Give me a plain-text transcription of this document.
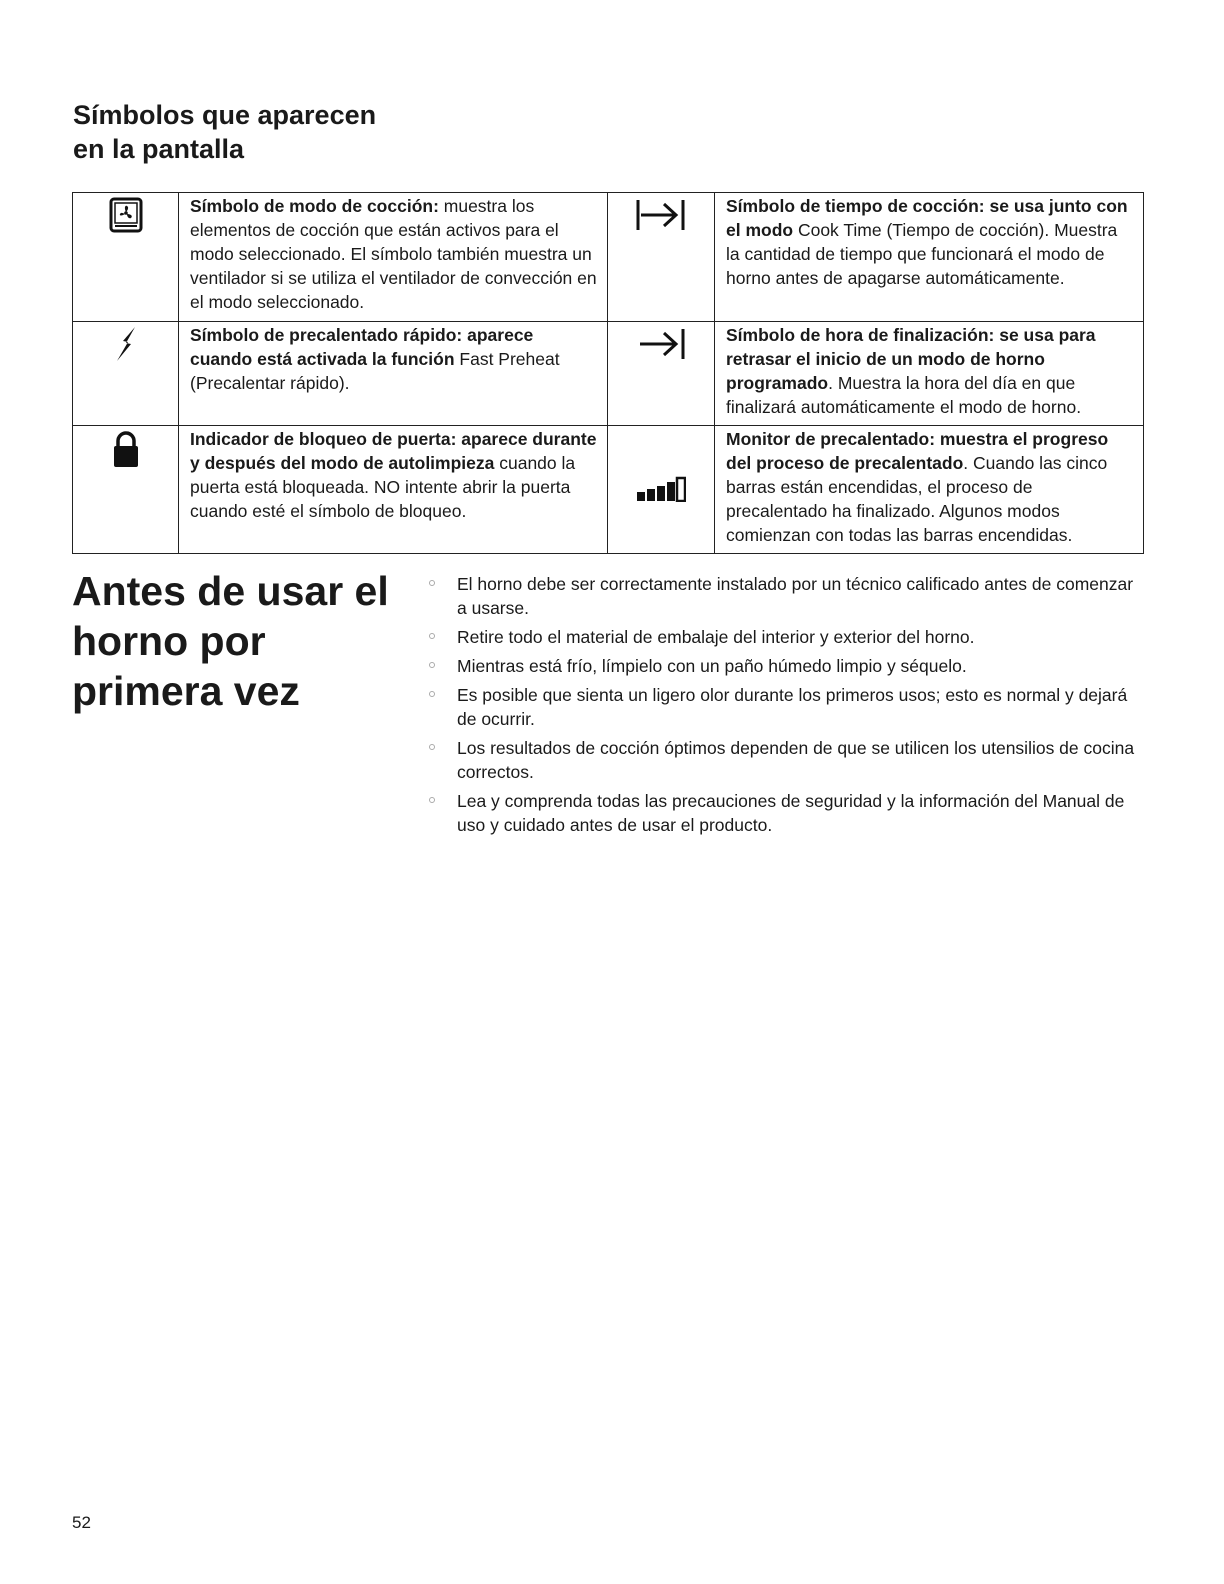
Símbolos que aparecen
en la pantalla
	Símbolo de modo de cocción: muestra los elementos de cocción que están activos para el modo seleccionado. El símbolo también muestra un ventilador si se utiliza el ventilador de convección en el modo seleccionado.		Símbolo de tiempo de cocción: se usa junto con el modo Cook Time (Tiempo de cocción). Muestra la cantidad de tiempo que funcionará el modo de horno antes de apagarse automáticamente.
	Símbolo de precalentado rápido: aparece cuando está activada la función Fast Preheat (Precalentar rápido).		Símbolo de hora de finalización: se usa para retrasar el inicio de un modo de horno programado. Muestra la hora del día en que finalizará automáticamente el modo de horno.
	Indicador de bloqueo de puerta: aparece durante y después del modo de autolimpieza cuando la puerta está bloqueada. NO intente abrir la puerta cuando esté el símbolo de bloqueo.		Monitor de precalentado: muestra el progreso del proceso de precalentado. Cuando las cinco barras están encendidas, el proceso de precalentado ha finalizado. Algunos modos comienzan con todas las barras encendidas.
Antes de usar el
horno por
primera vez
El horno debe ser correctamente instalado por un técnico calificado antes de comenzar a usarse.
Retire todo el material de embalaje del interior y exterior del horno.
Mientras está frío, límpielo con un paño húmedo limpio y séquelo.
Es posible que sienta un ligero olor durante los primeros usos; esto es normal y dejará de ocurrir.
Los resultados de cocción óptimos dependen de que se utilicen los utensilios de cocina correctos.
Lea y comprenda todas las precauciones de seguridad y la información del Manual de uso y cuidado antes de usar el producto.
52
